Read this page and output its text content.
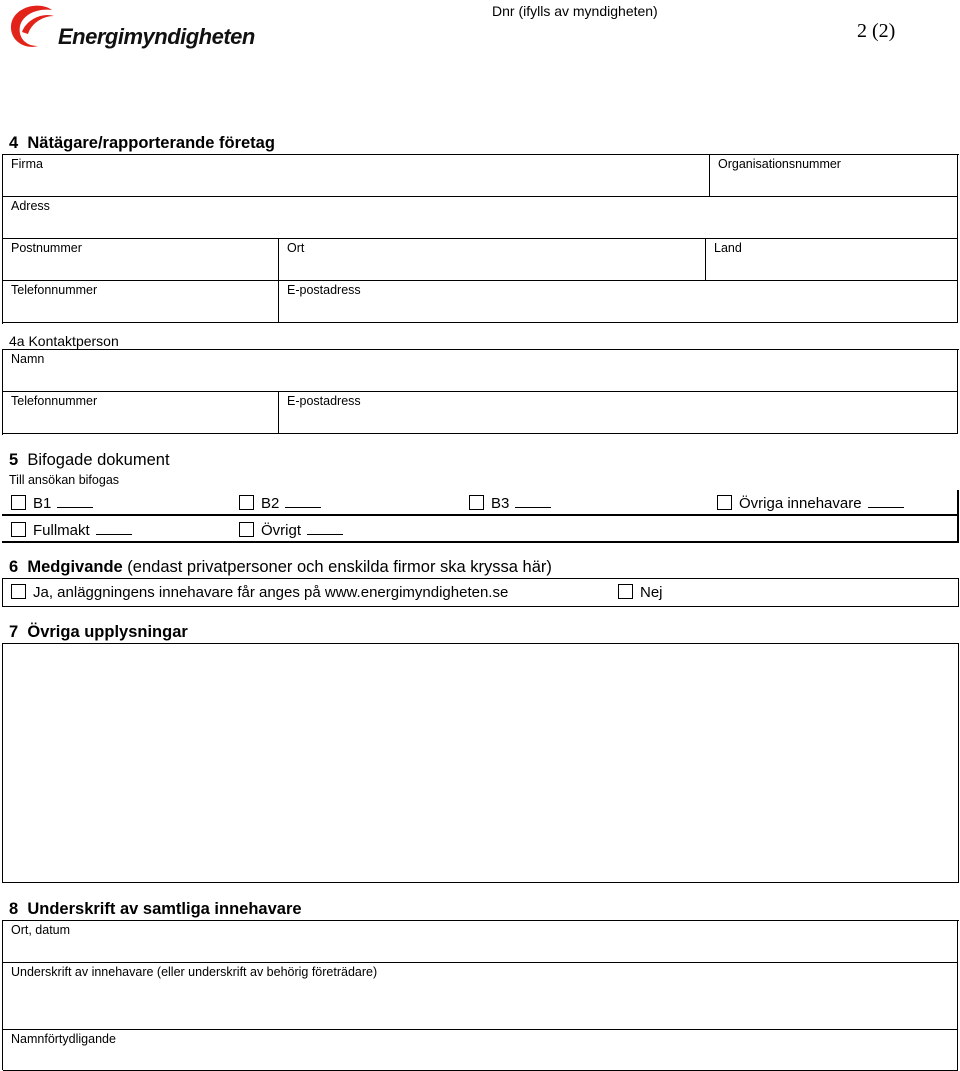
Energimyndigheten
Dnr (ifylls av myndigheten)
2 (2)
4 Nätägare/rapporterande företag
Firma	Organisationsnummer
Adress
Postnummer	Ort	Land
Telefonnummer	E-postadress
4a Kontaktperson
Namn
Telefonnummer	E-postadress
5 Bifogade dokument
Till ansökan bifogas
B1	B2	B3	Övriga innehavare
Fullmakt	Övrigt
6 Medgivande (endast privatpersoner och enskilda firmor ska kryssa här)
Ja, anläggningens innehavare får anges på www.energimyndigheten.se	Nej
7 Övriga upplysningar
8 Underskrift av samtliga innehavare
Ort, datum
Underskrift av innehavare (eller underskrift av behörig företrädare)
Namnförtydligande
